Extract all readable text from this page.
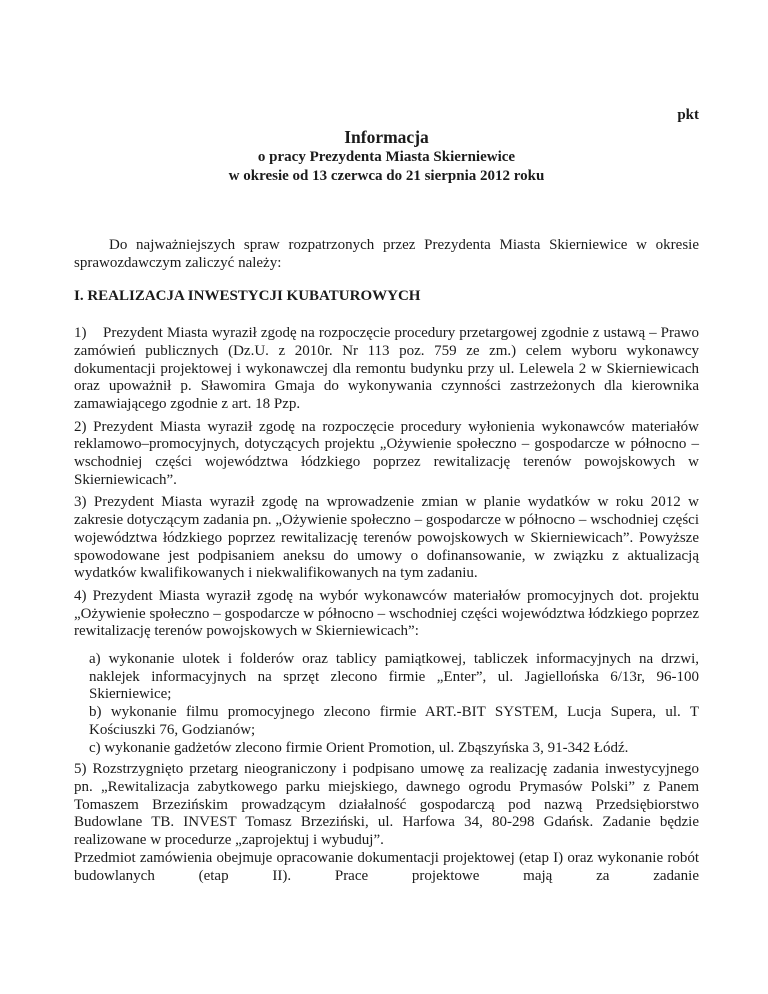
pkt
Informacja
o pracy Prezydenta Miasta Skierniewice
w okresie od 13 czerwca do 21 sierpnia 2012 roku

Do najważniejszych spraw rozpatrzonych przez Prezydenta Miasta Skierniewice w okresie sprawozdawczym zaliczyć należy:

I. REALIZACJA INWESTYCJI KUBATUROWYCH

1) Prezydent Miasta wyraził zgodę na rozpoczęcie procedury przetargowej zgodnie z ustawą – Prawo zamówień publicznych (Dz.U. z 2010r. Nr 113 poz. 759 ze zm.) celem wyboru wykonawcy dokumentacji projektowej i wykonawczej dla remontu budynku przy ul. Lelewela 2 w Skierniewicach oraz upoważnił p. Sławomira Gmaja do wykonywania czynności zastrzeżonych dla kierownika zamawiającego zgodnie z art. 18 Pzp.

2) Prezydent Miasta wyraził zgodę na rozpoczęcie procedury wyłonienia wykonawców materiałów reklamowo–promocyjnych, dotyczących projektu „Ożywienie społeczno – gospodarcze w północno – wschodniej części województwa łódzkiego poprzez rewitalizację terenów powojskowych w Skierniewicach”.

3) Prezydent Miasta wyraził zgodę na wprowadzenie zmian w planie wydatków w roku 2012 w zakresie dotyczącym zadania pn. „Ożywienie społeczno – gospodarcze w północno – wschodniej części województwa łódzkiego poprzez rewitalizację terenów powojskowych w Skierniewicach”. Powyższe spowodowane jest podpisaniem aneksu do umowy o dofinansowanie, w związku z aktualizacją wydatków kwalifikowanych i niekwalifikowanych na tym zadaniu.

4) Prezydent Miasta wyraził zgodę na wybór wykonawców materiałów promocyjnych dot. projektu „Ożywienie społeczno – gospodarcze w północno – wschodniej części województwa łódzkiego poprzez rewitalizację terenów powojskowych w Skierniewicach”:

a) wykonanie ulotek i folderów oraz tablicy pamiątkowej, tabliczek informacyjnych na drzwi, naklejek informacyjnych na sprzęt zlecono firmie „Enter”, ul. Jagiellońska 6/13r, 96-100 Skierniewice;

b) wykonanie filmu promocyjnego zlecono firmie ART.-BIT SYSTEM, Lucja Supera, ul. T Kościuszki 76, Godzianów;

c) wykonanie gadżetów zlecono firmie Orient Promotion, ul. Zbąszyńska 3, 91-342 Łódź.

5) Rozstrzygnięto przetarg nieograniczony i podpisano umowę za realizację zadania inwestycyjnego pn. „Rewitalizacja zabytkowego parku miejskiego, dawnego ogrodu Prymasów Polski” z Panem Tomaszem Brzezińskim prowadzącym działalność gospodarczą pod nazwą Przedsiębiorstwo Budowlane TB. INVEST Tomasz Brzeziński, ul. Harfowa 34, 80-298 Gdańsk. Zadanie będzie realizowane w procedurze „zaprojektuj i wybuduj”.

Przedmiot zamówienia obejmuje opracowanie dokumentacji projektowej (etap I) oraz wykonanie robót budowlanych (etap II). Prace projektowe mają za zadanie
